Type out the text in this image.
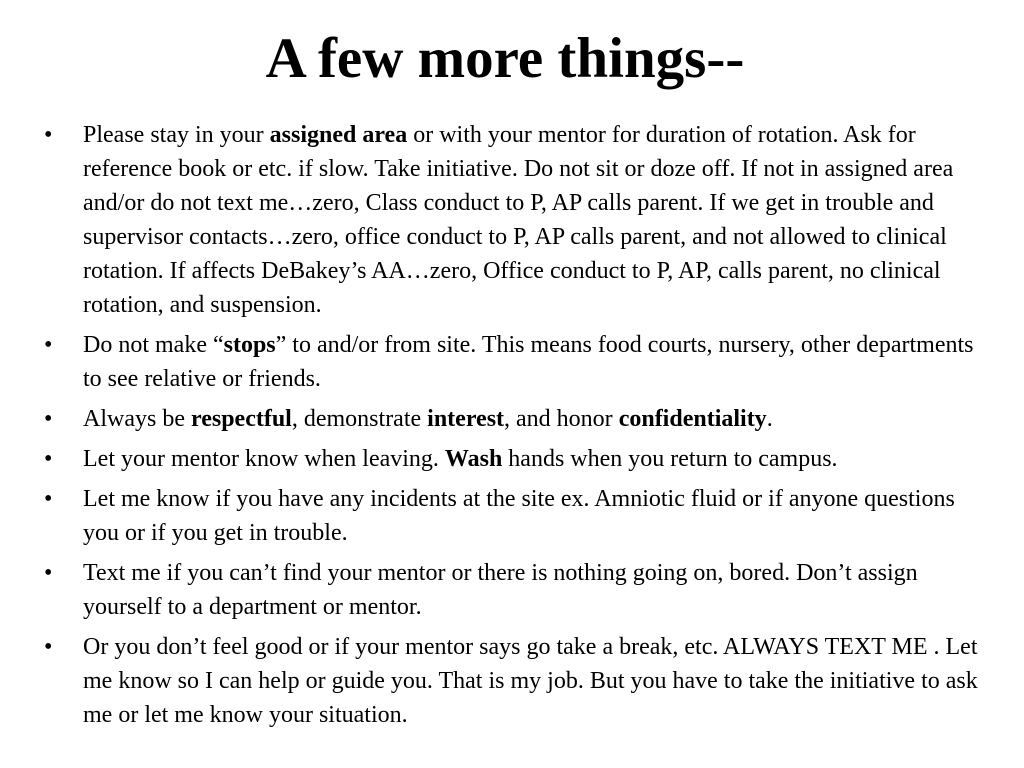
A few more things--
• Please stay in your assigned area or with your mentor for duration of rotation. Ask for reference book or etc. if slow. Take initiative. Do not sit or doze off. If not in assigned area and/or do not text me…zero, Class conduct to P, AP calls parent. If we get in trouble and supervisor contacts…zero, office conduct to P, AP calls parent, and not allowed to clinical rotation. If affects DeBakey’s AA…zero, Office conduct to P, AP, calls parent, no clinical rotation, and suspension.
• Do not make “stops” to and/or from site. This means food courts, nursery, other departments to see relative or friends.
• Always be respectful, demonstrate interest, and honor confidentiality.
• Let your mentor know when leaving. Wash hands when you return to campus.
• Let me know if you have any incidents at the site ex. Amniotic fluid or if anyone questions you or if you get in trouble.
• Text me if you can’t find your mentor or there is nothing going on, bored. Don’t assign yourself to a department or mentor.
• Or you don’t feel good or if your mentor says go take a break, etc. ALWAYS TEXT ME . Let me know so I can help or guide you. That is my job. But you have to take the initiative to ask me or let me know your situation.
